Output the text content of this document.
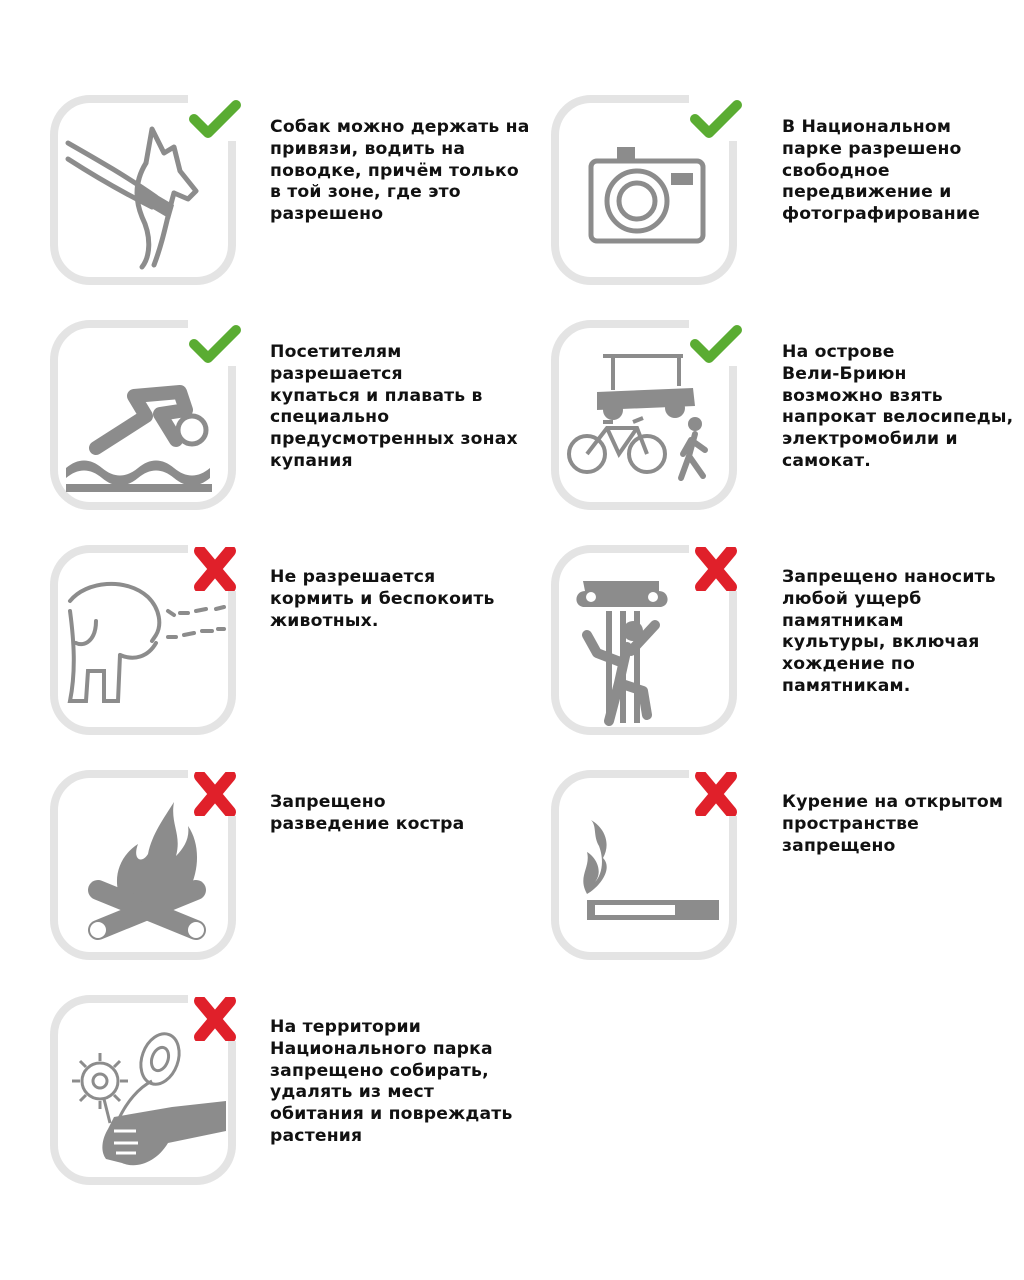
Собак можно держать на
привязи, водить на
поводке, причём только
в той зоне, где это
разрешено
В Национальном
парке разрешено
свободное
передвижение и
фотографирование
Посетителям разрешается
купаться и плавать в
специально
предусмотренных зонах
купания
На острове
Вели-Бриюн
возможно взять
напрокат велосипеды,
электромобили и
самокат.
Не разрешается
кормить и беспокоить
животных.
Запрещено наносить
любой ущерб
памятникам
культуры, включая
хождение по
памятникам.
Запрещено
разведение костра
Курение на открытом
пространстве
запрещено
На территории
Национального парка
запрещено собирать,
удалять из мест
обитания и повреждать
растения
